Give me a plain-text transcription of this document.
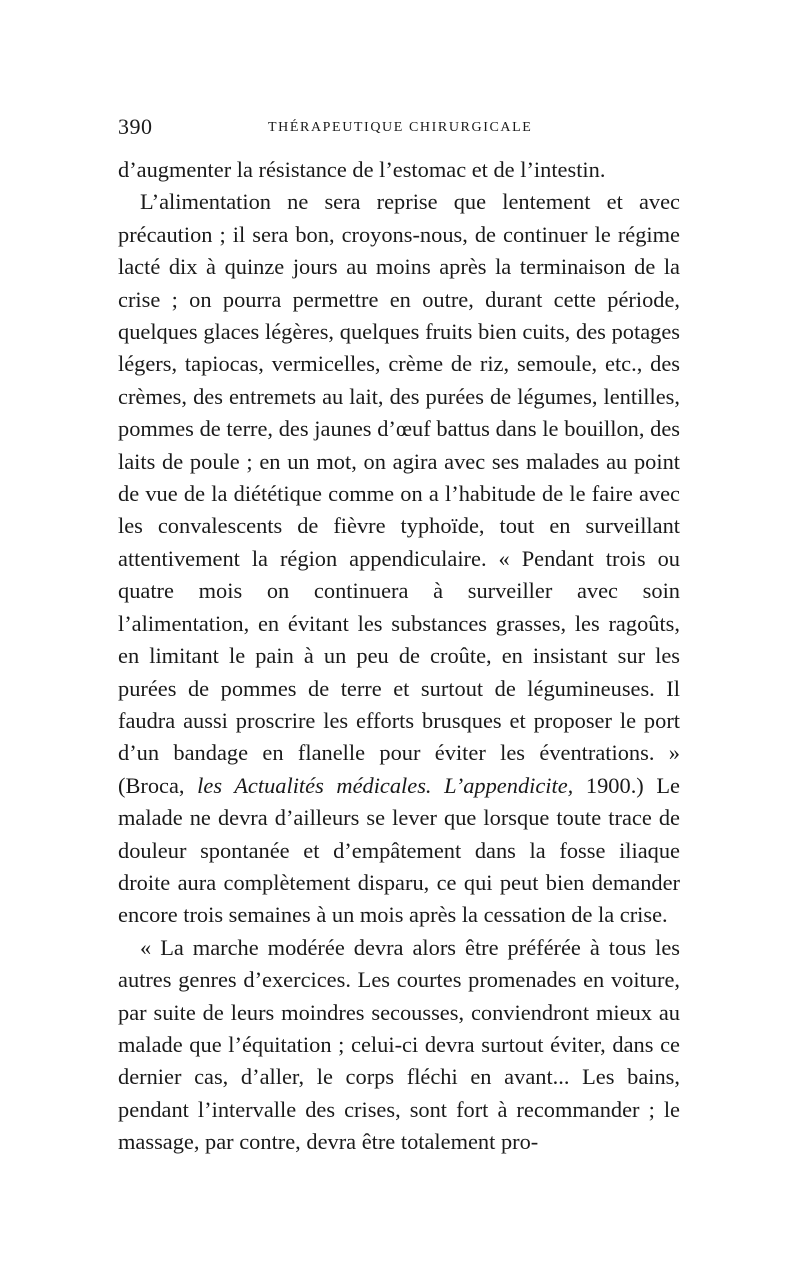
390	THÉRAPEUTIQUE CHIRURGICALE

d’augmenter la résistance de l’estomac et de l’intestin.

L’alimentation ne sera reprise que lentement et avec précaution ; il sera bon, croyons-nous, de continuer le régime lacté dix à quinze jours au moins après la terminaison de la crise ; on pourra permettre en outre, durant cette période, quelques glaces légères, quelques fruits bien cuits, des potages légers, tapiocas, vermicelles, crème de riz, semoule, etc., des crèmes, des entremets au lait, des purées de légumes, lentilles, pommes de terre, des jaunes d’œuf battus dans le bouillon, des laits de poule ; en un mot, on agira avec ses malades au point de vue de la diététique comme on a l’habitude de le faire avec les convalescents de fièvre typhoïde, tout en surveillant attentivement la région appendiculaire. « Pendant trois ou quatre mois on continuera à surveiller avec soin l’alimentation, en évitant les substances grasses, les ragoûts, en limitant le pain à un peu de croûte, en insistant sur les purées de pommes de terre et surtout de légumineuses. Il faudra aussi proscrire les efforts brusques et proposer le port d’un bandage en flanelle pour éviter les éventrations. » (Broca, les Actualités médicales. L’appendicite, 1900.) Le malade ne devra d’ailleurs se lever que lorsque toute trace de douleur spontanée et d’empâtement dans la fosse iliaque droite aura complètement disparu, ce qui peut bien demander encore trois semaines à un mois après la cessation de la crise.

« La marche modérée devra alors être préférée à tous les autres genres d’exercices. Les courtes promenades en voiture, par suite de leurs moindres secousses, conviendront mieux au malade que l’équitation ; celui-ci devra surtout éviter, dans ce dernier cas, d’aller, le corps fléchi en avant... Les bains, pendant l’intervalle des crises, sont fort à recommander ; le massage, par contre, devra être totalement pro-
